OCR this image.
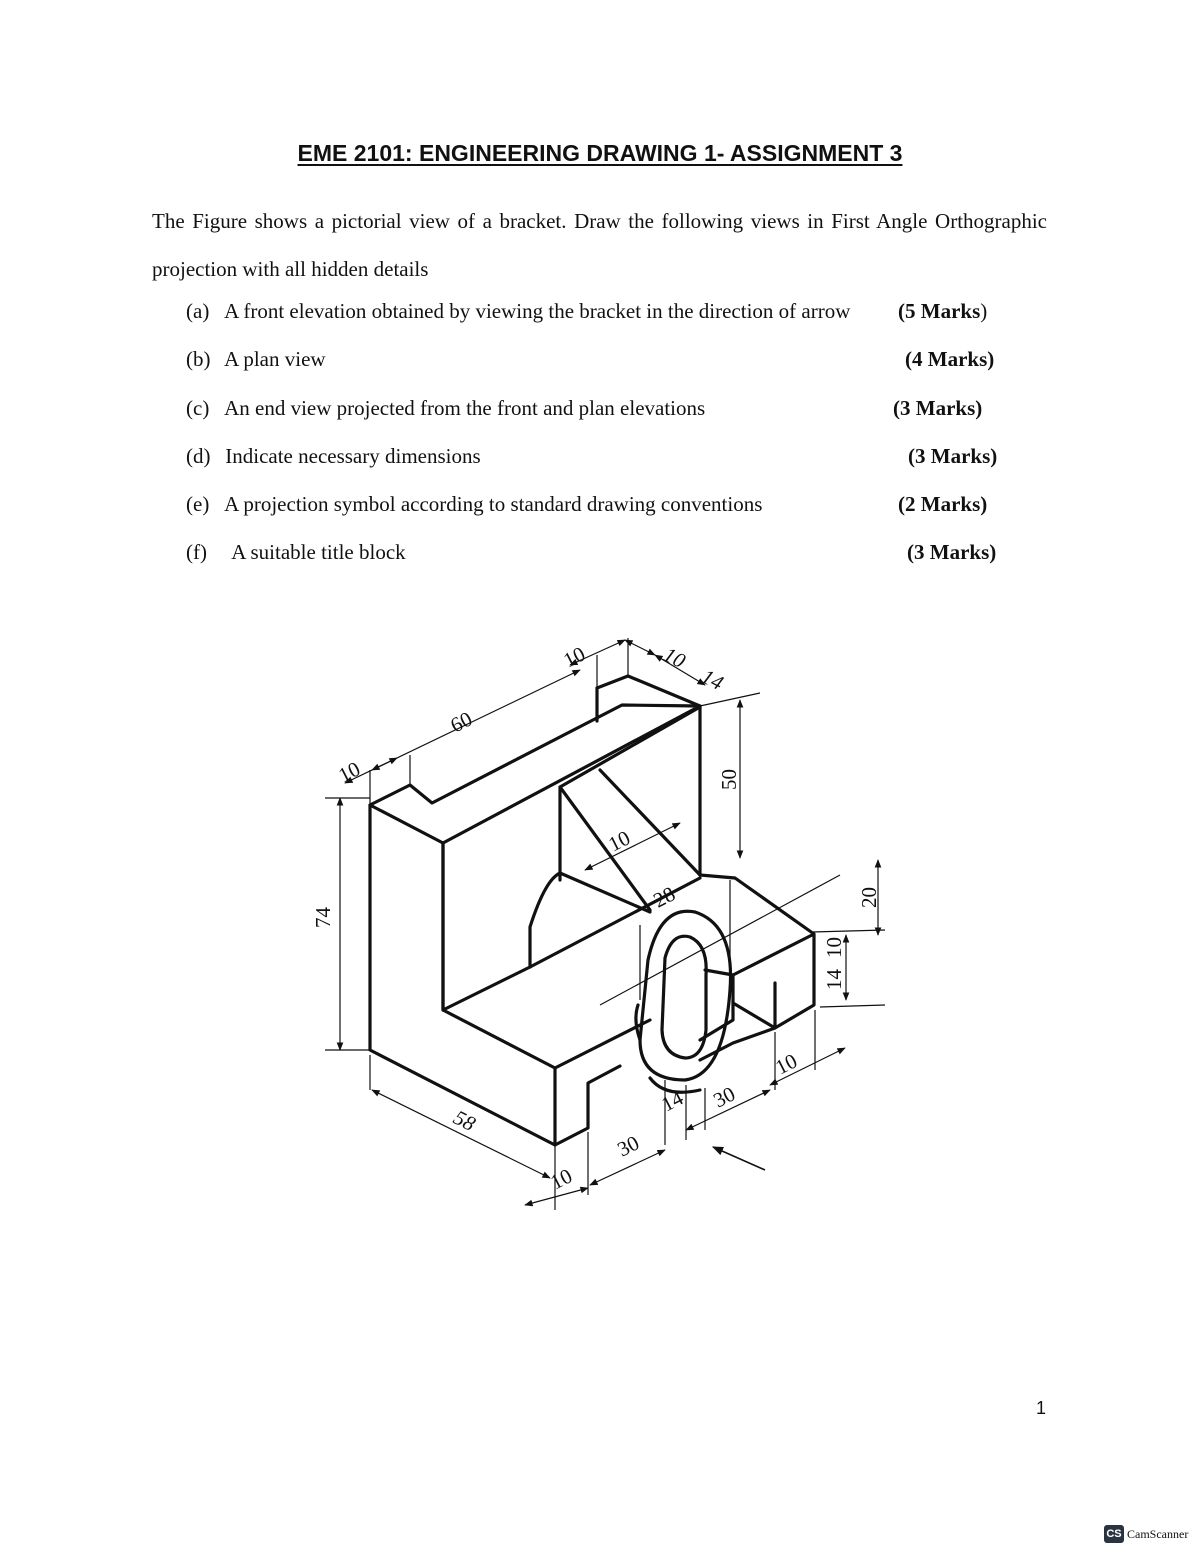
EME 2101: ENGINEERING DRAWING 1- ASSIGNMENT 3
The Figure shows a pictorial view of a bracket. Draw the following views in First Angle Orthographic projection with all hidden details
(a) A front elevation obtained by viewing the bracket in the direction of arrow (5 Marks)
(b) A plan view	(4 Marks)
(c) An end view projected from the front and plan elevations	(3 Marks)
(d) Indicate necessary dimensions	(3 Marks)
(e) A projection symbol according to standard drawing conventions	(2 Marks)
(f) A suitable title block	(3 Marks)
10
60
10	10
14
50
74
10
28	20
10
14
58
10
30
14 30
10
1
CS CamScanner
